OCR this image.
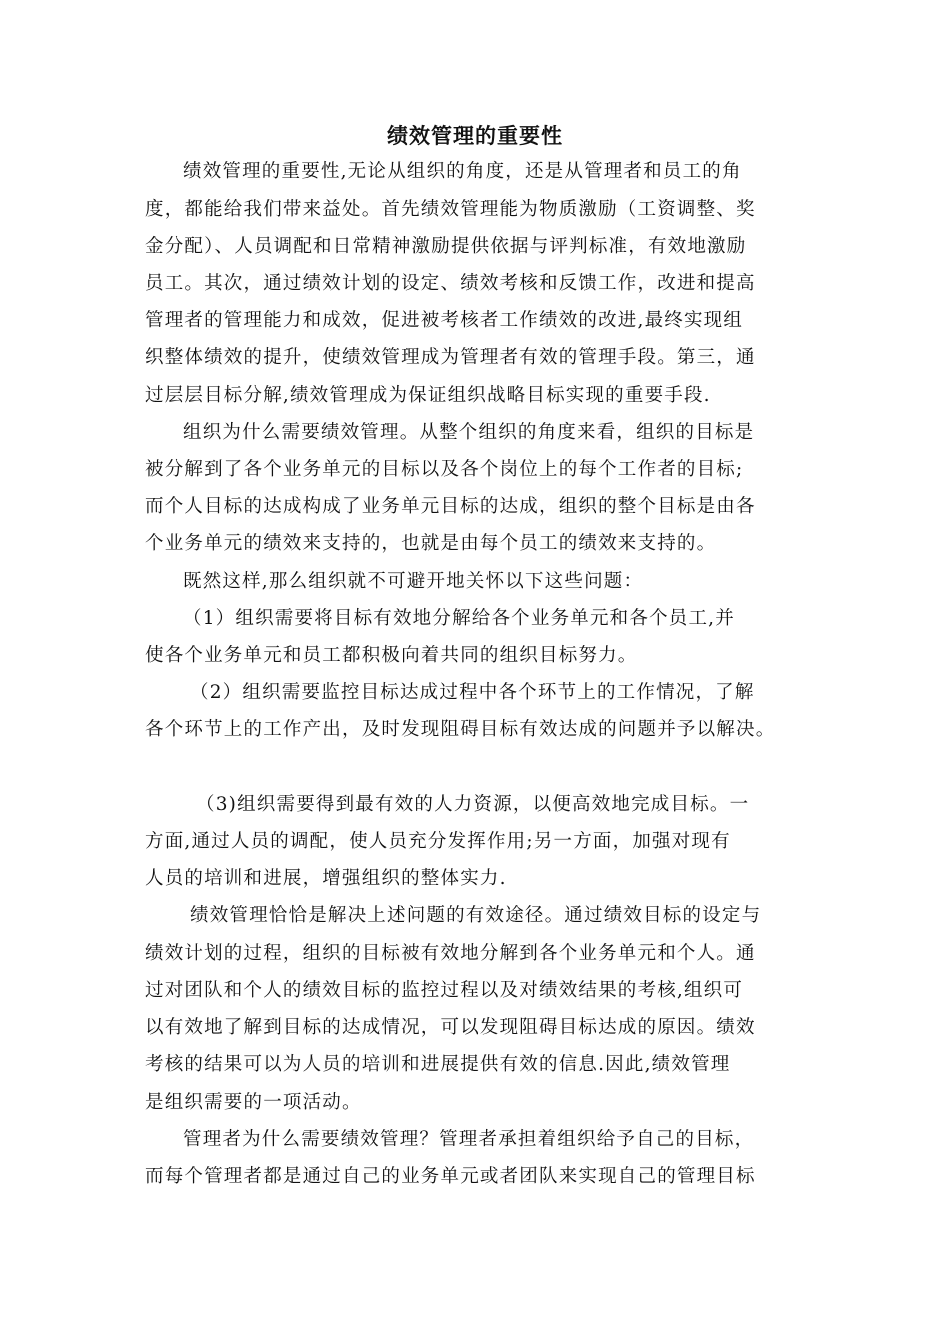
绩效管理的重要性
绩效管理的重要性,无论从组织的角度，还是从管理者和员工的角
度，都能给我们带来益处。首先绩效管理能为物质激励（工资调整、奖
金分配）、人员调配和日常精神激励提供依据与评判标准，有效地激励
员工。其次，通过绩效计划的设定、绩效考核和反馈工作，改进和提高
管理者的管理能力和成效，促进被考核者工作绩效的改进,最终实现组
织整体绩效的提升，使绩效管理成为管理者有效的管理手段。第三，通
过层层目标分解,绩效管理成为保证组织战略目标实现的重要手段.
组织为什么需要绩效管理。从整个组织的角度来看，组织的目标是
被分解到了各个业务单元的目标以及各个岗位上的每个工作者的目标;
而个人目标的达成构成了业务单元目标的达成，组织的整个目标是由各
个业务单元的绩效来支持的，也就是由每个员工的绩效来支持的。
既然这样,那么组织就不可避开地关怀以下这些问题：
（1）组织需要将目标有效地分解给各个业务单元和各个员工,并
使各个业务单元和员工都积极向着共同的组织目标努力。
（2）组织需要监控目标达成过程中各个环节上的工作情况，了解
各个环节上的工作产出，及时发现阻碍目标有效达成的问题并予以解决。
（3)组织需要得到最有效的人力资源，以便高效地完成目标。一
方面,通过人员的调配，使人员充分发挥作用;另一方面，加强对现有
人员的培训和进展，增强组织的整体实力.
绩效管理恰恰是解决上述问题的有效途径。通过绩效目标的设定与
绩效计划的过程，组织的目标被有效地分解到各个业务单元和个人。通
过对团队和个人的绩效目标的监控过程以及对绩效结果的考核,组织可
以有效地了解到目标的达成情况，可以发现阻碍目标达成的原因。绩效
考核的结果可以为人员的培训和进展提供有效的信息.因此,绩效管理
是组织需要的一项活动。
管理者为什么需要绩效管理？管理者承担着组织给予自己的目标，
而每个管理者都是通过自己的业务单元或者团队来实现自己的管理目标
